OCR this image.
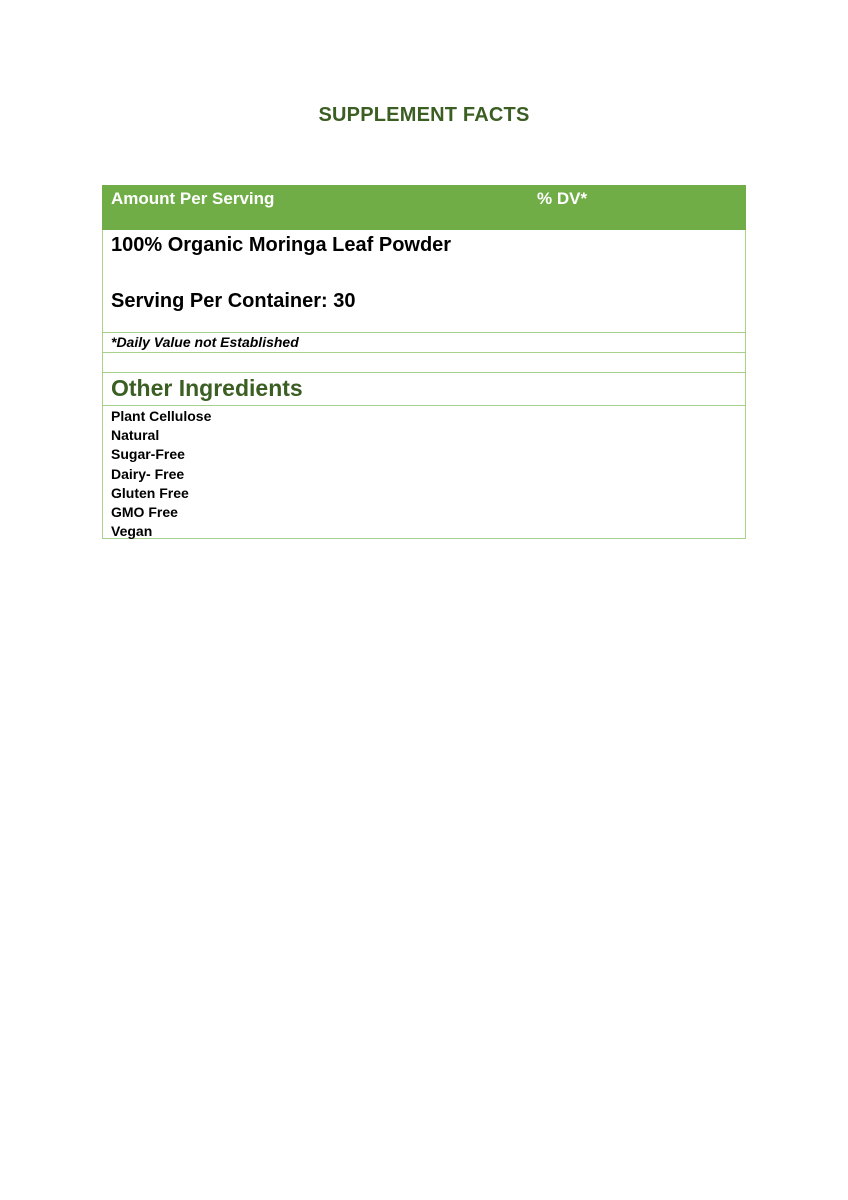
SUPPLEMENT FACTS
Amount Per Serving	% DV*
100% Organic Moringa Leaf Powder
Serving Per Container: 30
*Daily Value not Established
Other Ingredients
Plant Cellulose
Natural
Sugar-Free
Dairy- Free
Gluten Free
GMO Free
Vegan
